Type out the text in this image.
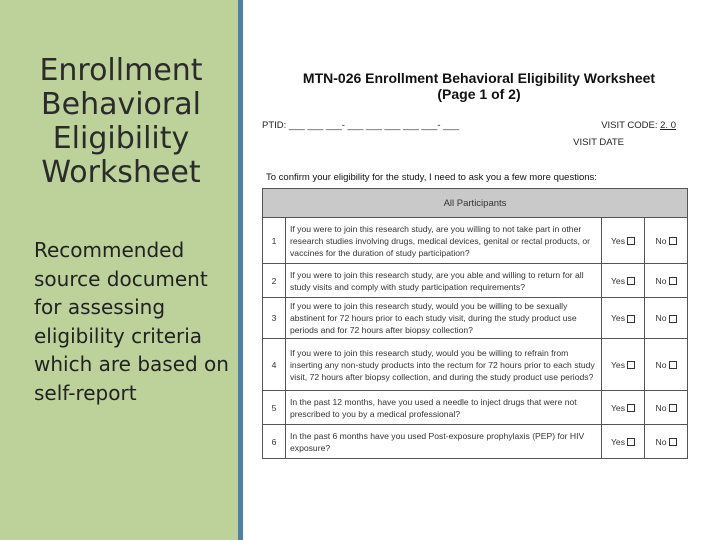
Enrollment
Behavioral
Eligibility
Worksheet
Recommended source document for assessing eligibility criteria which are based on self-report
MTN-026 Enrollment Behavioral Eligibility Worksheet
(Page 1 of 2)
PTID: ___ ___ ___- ___ ___ ___ ___ ___- ___	VISIT CODE: 2. 0
VISIT DATE
To confirm your eligibility for the study, I need to ask you a few more questions:
All Participants			
1	If you were to join this research study, are you willing to not take part in other research studies involving drugs, medical devices, genital or rectal products, or vaccines for the duration of study participation?	Yes	No
2	If you were to join this research study, are you able and willing to return for all study visits and comply with study participation requirements?	Yes	No
3	If you were to join this research study, would you be willing to be sexually abstinent for 72 hours prior to each study visit, during the study product use periods and for 72 hours after biopsy collection?	Yes	No
4	If you were to join this research study, would you be willing to refrain from inserting any non-study products into the rectum for 72 hours prior to each study visit, 72 hours after biopsy collection, and during the study product use periods?	Yes	No
5	In the past 12 months, have you used a needle to inject drugs that were not prescribed to you by a medical professional?	Yes	No
6	In the past 6 months have you used Post-exposure prophylaxis (PEP) for HIV exposure?	Yes	No
